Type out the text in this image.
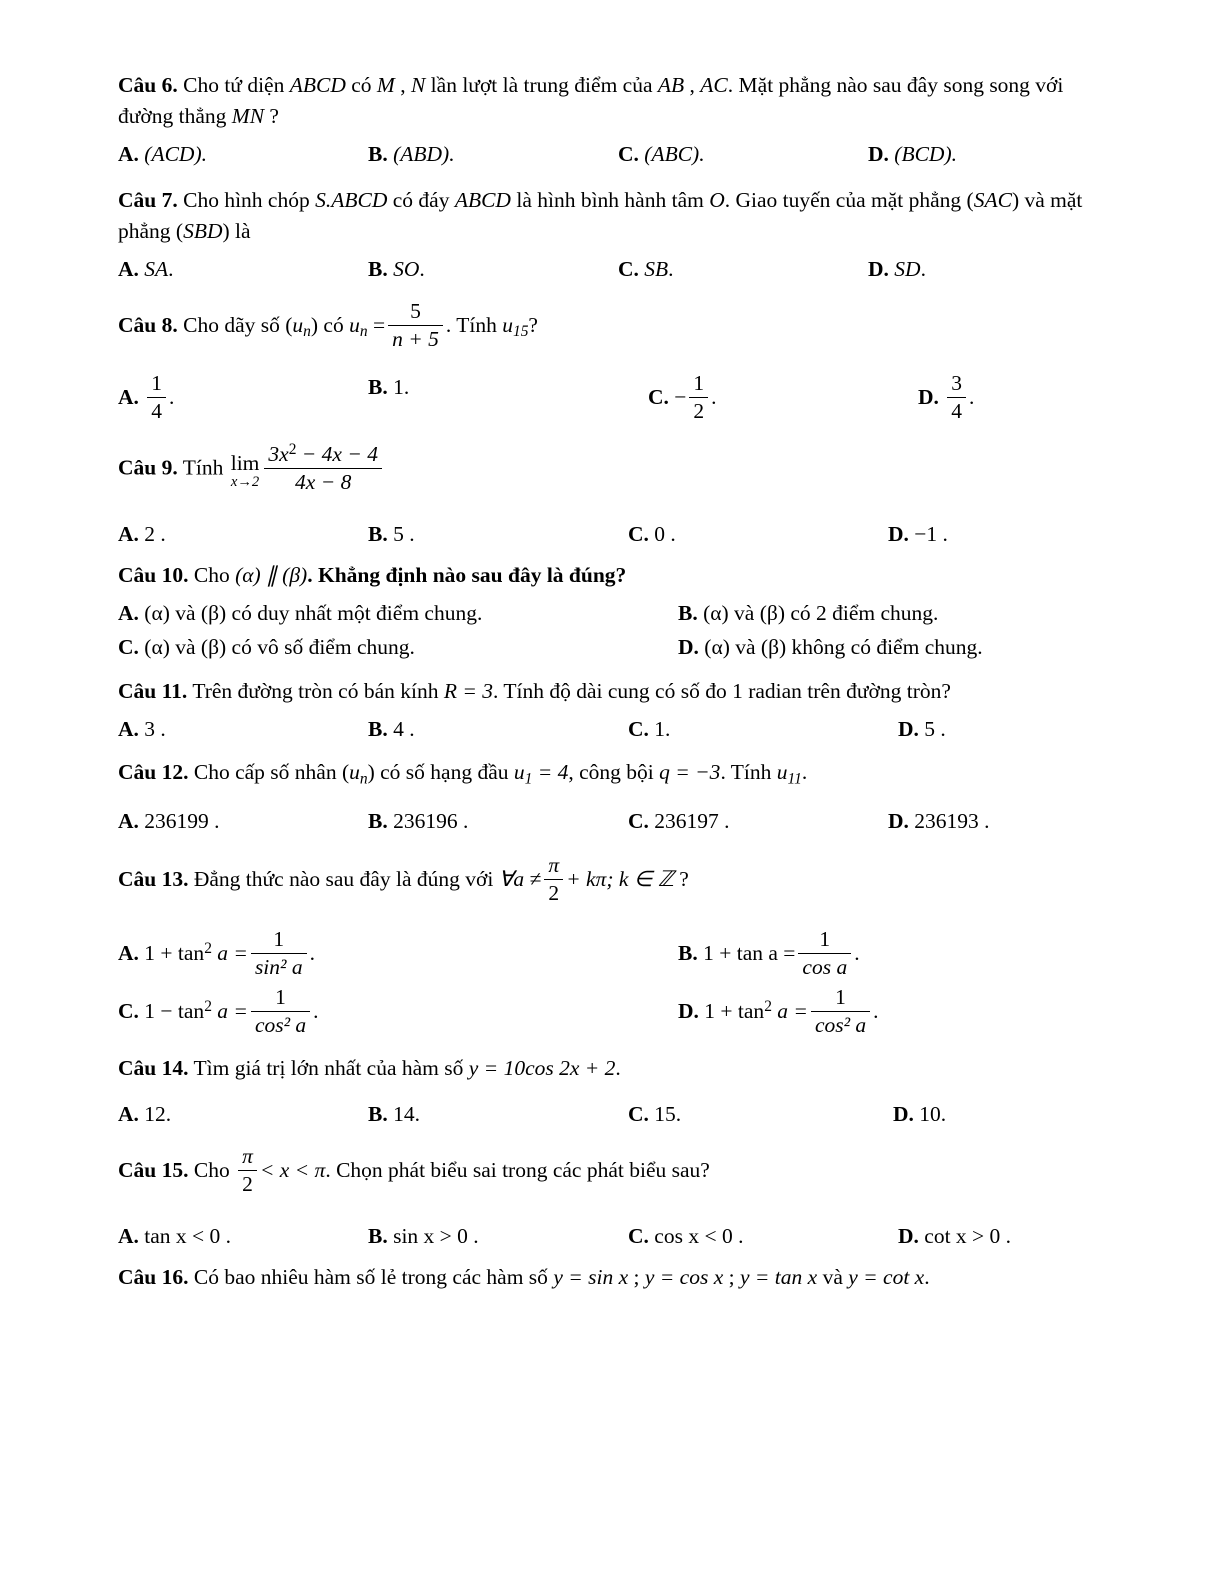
Câu 6. Cho tứ diện ABCD có M , N lần lượt là trung điểm của AB , AC. Mặt phẳng nào sau đây song song với đường thẳng MN ?
A. (ACD).	B. (ABD).	C. (ABC).	D. (BCD).
Câu 7. Cho hình chóp S.ABCD có đáy ABCD là hình bình hành tâm O. Giao tuyến của mặt phẳng (SAC) và mặt phẳng (SBD) là
A. SA.	B. SO.	C. SB.	D. SD.
Câu 8. Cho dãy số $(u_n)$ có $u_n = \frac{5}{n + 5}$ . Tính $u_{15}$?
A. $\frac{1}{4}$ .	B. 1.	C. − $\frac{1}{2}$ .	D. $\frac{3}{4}$ .
Câu 9. Tính lim
$x\to 2 \frac{3x^2 - 4x - 4}{4x - 8}$
A. 2 .	B. 5 .	C. 0 .	D. −1 .
Câu 10. Cho (α) ∥ (β). Khẳng định nào sau đây là đúng?
A. (α) và (β) có duy nhất một điểm chung.	B. (α) và (β) có 2 điểm chung.
C. (α) và (β) có vô số điểm chung.	D. (α) và (β) không có điểm chung.
Câu 11. Trên đường tròn có bán kính R = 3. Tính độ dài cung có số đo 1 radian trên đường tròn?
A. 3 .	B. 4 .	C. 1.	D. 5 .
Câu 12. Cho cấp số nhân $(u_n)$ có số hạng đầu $u_1 = 4$, công bội q = −3. Tính $u_{11}$.
A. 236199 .	B. 236196 .	C. 236197 .	D. 236193 .
Câu 13. Đẳng thức nào sau đây là đúng với ∀a ≠ $\frac{\pi}{2} + k\pi$; k ∈ ℤ ?
A. $1 + \tan^2 a = \frac{1}{\text{sin² a}}$ .	B. $1 + \tan a = \frac{1}{\text{cos a}}$ .
C. $1 - \tan^2 a = \frac{1}{\text{cos² a}}$ .	D. $1 + \tan^2 a = \frac{1}{\text{cos² a}}$ .
Câu 14. Tìm giá trị lớn nhất của hàm số y = 10cos 2x + 2.
A. 12.	B. 14.	C. 15.	D. 10.
Câu 15. Cho $\frac{\pi}{2} < x < \pi$. Chọn phát biểu sai trong các phát biểu sau?
A. tan x < 0 .	B. sin x > 0 .	C. cos x < 0 .	D. cot x > 0 .
Câu 16. Có bao nhiêu hàm số lẻ trong các hàm số y = sin x ; y = cos x ; y = tan x và y = cot x.
